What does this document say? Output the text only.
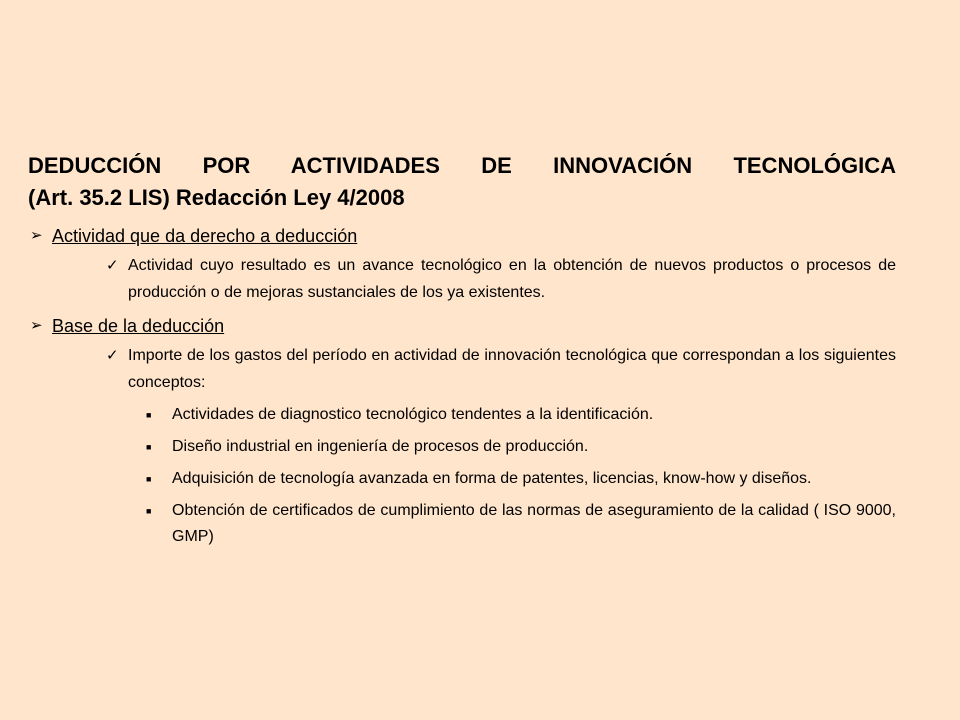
DEDUCCIÓN POR ACTIVIDADES DE INNOVACIÓN TECNOLÓGICA
(Art. 35.2 LIS) Redacción Ley 4/2008
➢ Actividad que da derecho a deducción
✓ Actividad cuyo resultado es un avance tecnológico en la obtención de nuevos productos o procesos de producción o de mejoras sustanciales de los ya existentes.
➢ Base de la deducción
✓ Importe de los gastos del período en actividad de innovación tecnológica que correspondan a los siguientes conceptos:
■	Actividades de diagnostico tecnológico tendentes a la identificación.
■	Diseño industrial en ingeniería de procesos de producción.
■	Adquisición de tecnología avanzada en forma de patentes, licencias, know-how y diseños.
■	Obtención de certificados de cumplimiento de las normas de aseguramiento de la calidad ( ISO 9000, GMP)
